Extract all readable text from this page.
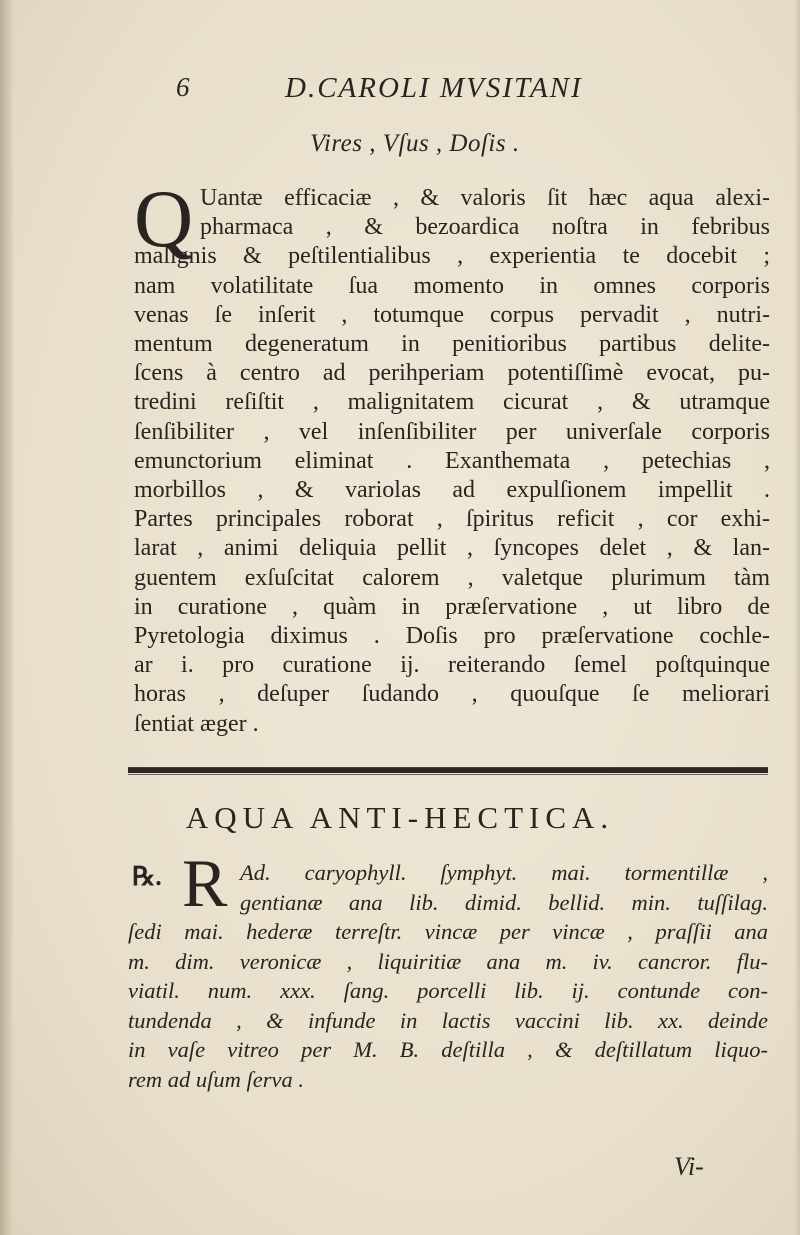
6	D.CAROLI MVSITANI
Vires , Vſus , Doſis .
Q Uantæ efficaciæ , & valoris ſit hæc aqua alexi-
pharmaca , & bezoardica noſtra in febribus
malignis & peſtilentialibus , experientia te docebit ;
nam volatilitate ſua momento in omnes corporis
venas ſe inſerit , totumque corpus pervadit , nutri-
mentum degeneratum in penitioribus partibus delite-
ſcens à centro ad perihperiam potentiſſimè evocat, pu-
tredini reſiſtit , malignitatem cicurat , & utramque
ſenſibiliter , vel inſenſibiliter per univerſale corporis
emunctorium eliminat . Exanthemata , petechias ,
morbillos , & variolas ad expulſionem impellit .
Partes principales roborat , ſpiritus reficit , cor exhi-
larat , animi deliquia pellit , ſyncopes delet , & lan-
guentem exſuſcitat calorem , valetque plurimum tàm
in curatione , quàm in præſervatione , ut libro de
Pyretologia diximus . Doſis pro præſervatione cochle-
ar i. pro curatione ij. reiterando ſemel poſtquinque
horas , deſuper ſudando , quouſque ſe meliorari
ſentiat æger .
AQUA ANTI-HECTICA.
℞. R Ad. caryophyll. ſymphyt. mai. tormentillæ ,
gentianæ ana lib. dimid. bellid. min. tuſſilag.
ſedi mai. hederæ terreſtr. vincæ per vincæ , praſſii ana
m. dim. veronicæ , liquiritiæ ana m. iv. cancror. flu-
viatil. num. xxx. ſang. porcelli lib. ij. contunde con-
tundenda , & infunde in lactis vaccini lib. xx. deinde
in vaſe vitreo per M. B. deſtilla , & deſtillatum liquo-
rem ad uſum ſerva .
Vi-
